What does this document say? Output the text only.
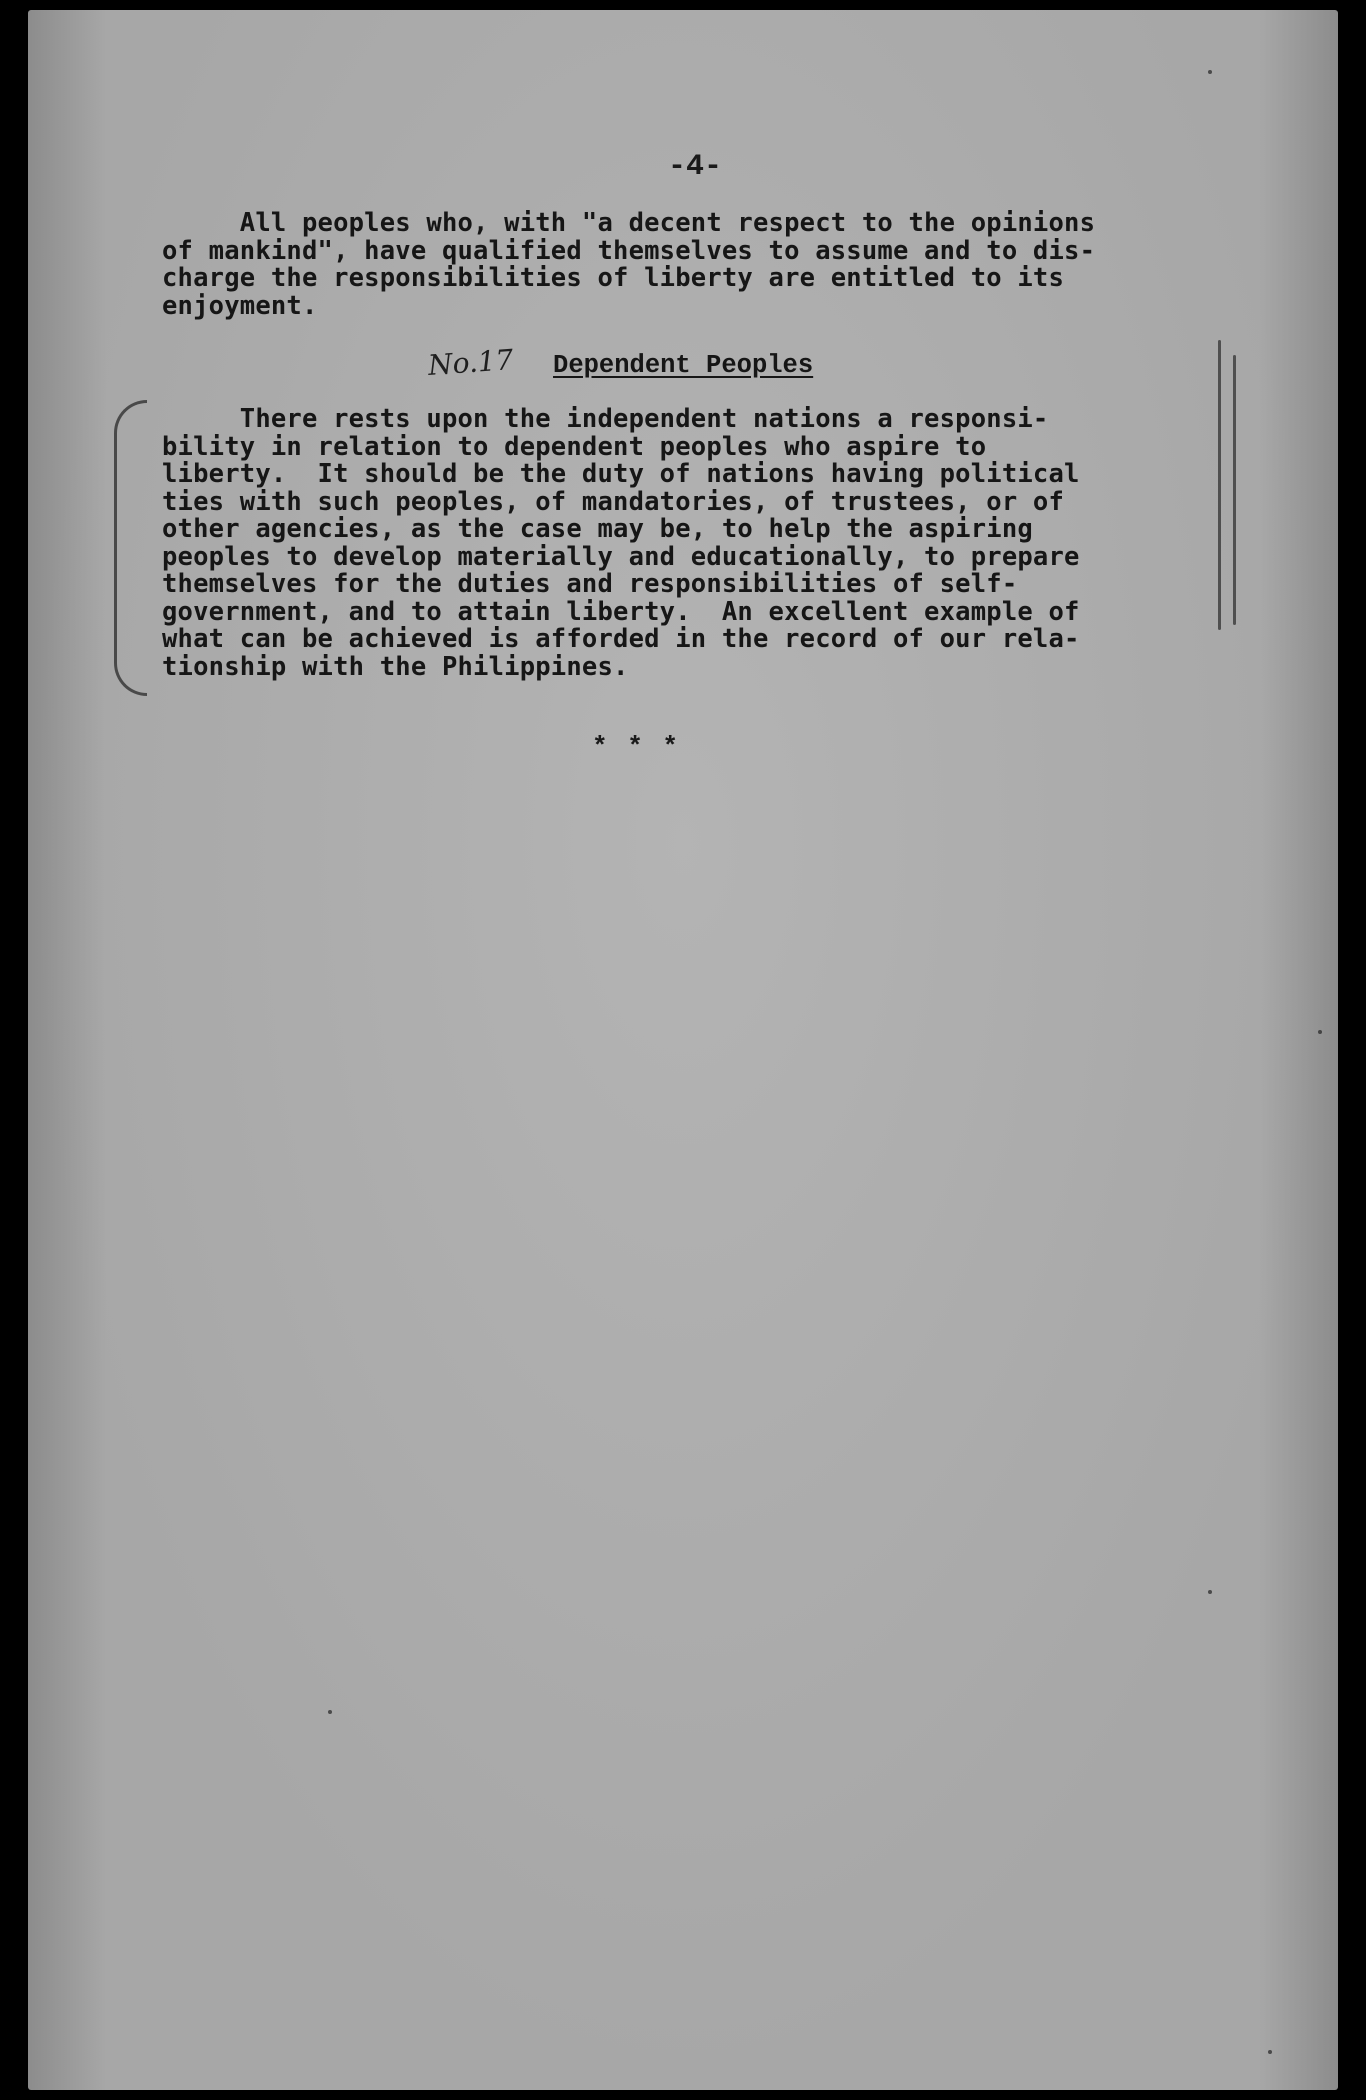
-4-
All peoples who, with "a decent respect to the opinions
of mankind", have qualified themselves to assume and to dis-
charge the responsibilities of liberty are entitled to its
enjoyment.
No.17 Dependent Peoples
There rests upon the independent nations a responsi-
bility in relation to dependent peoples who aspire to
liberty.  It should be the duty of nations having political
ties with such peoples, of mandatories, of trustees, or of
other agencies, as the case may be, to help the aspiring
peoples to develop materially and educationally, to prepare
themselves for the duties and responsibilities of self-
government, and to attain liberty.  An excellent example of
what can be achieved is afforded in the record of our rela-
tionship with the Philippines.
* * *
